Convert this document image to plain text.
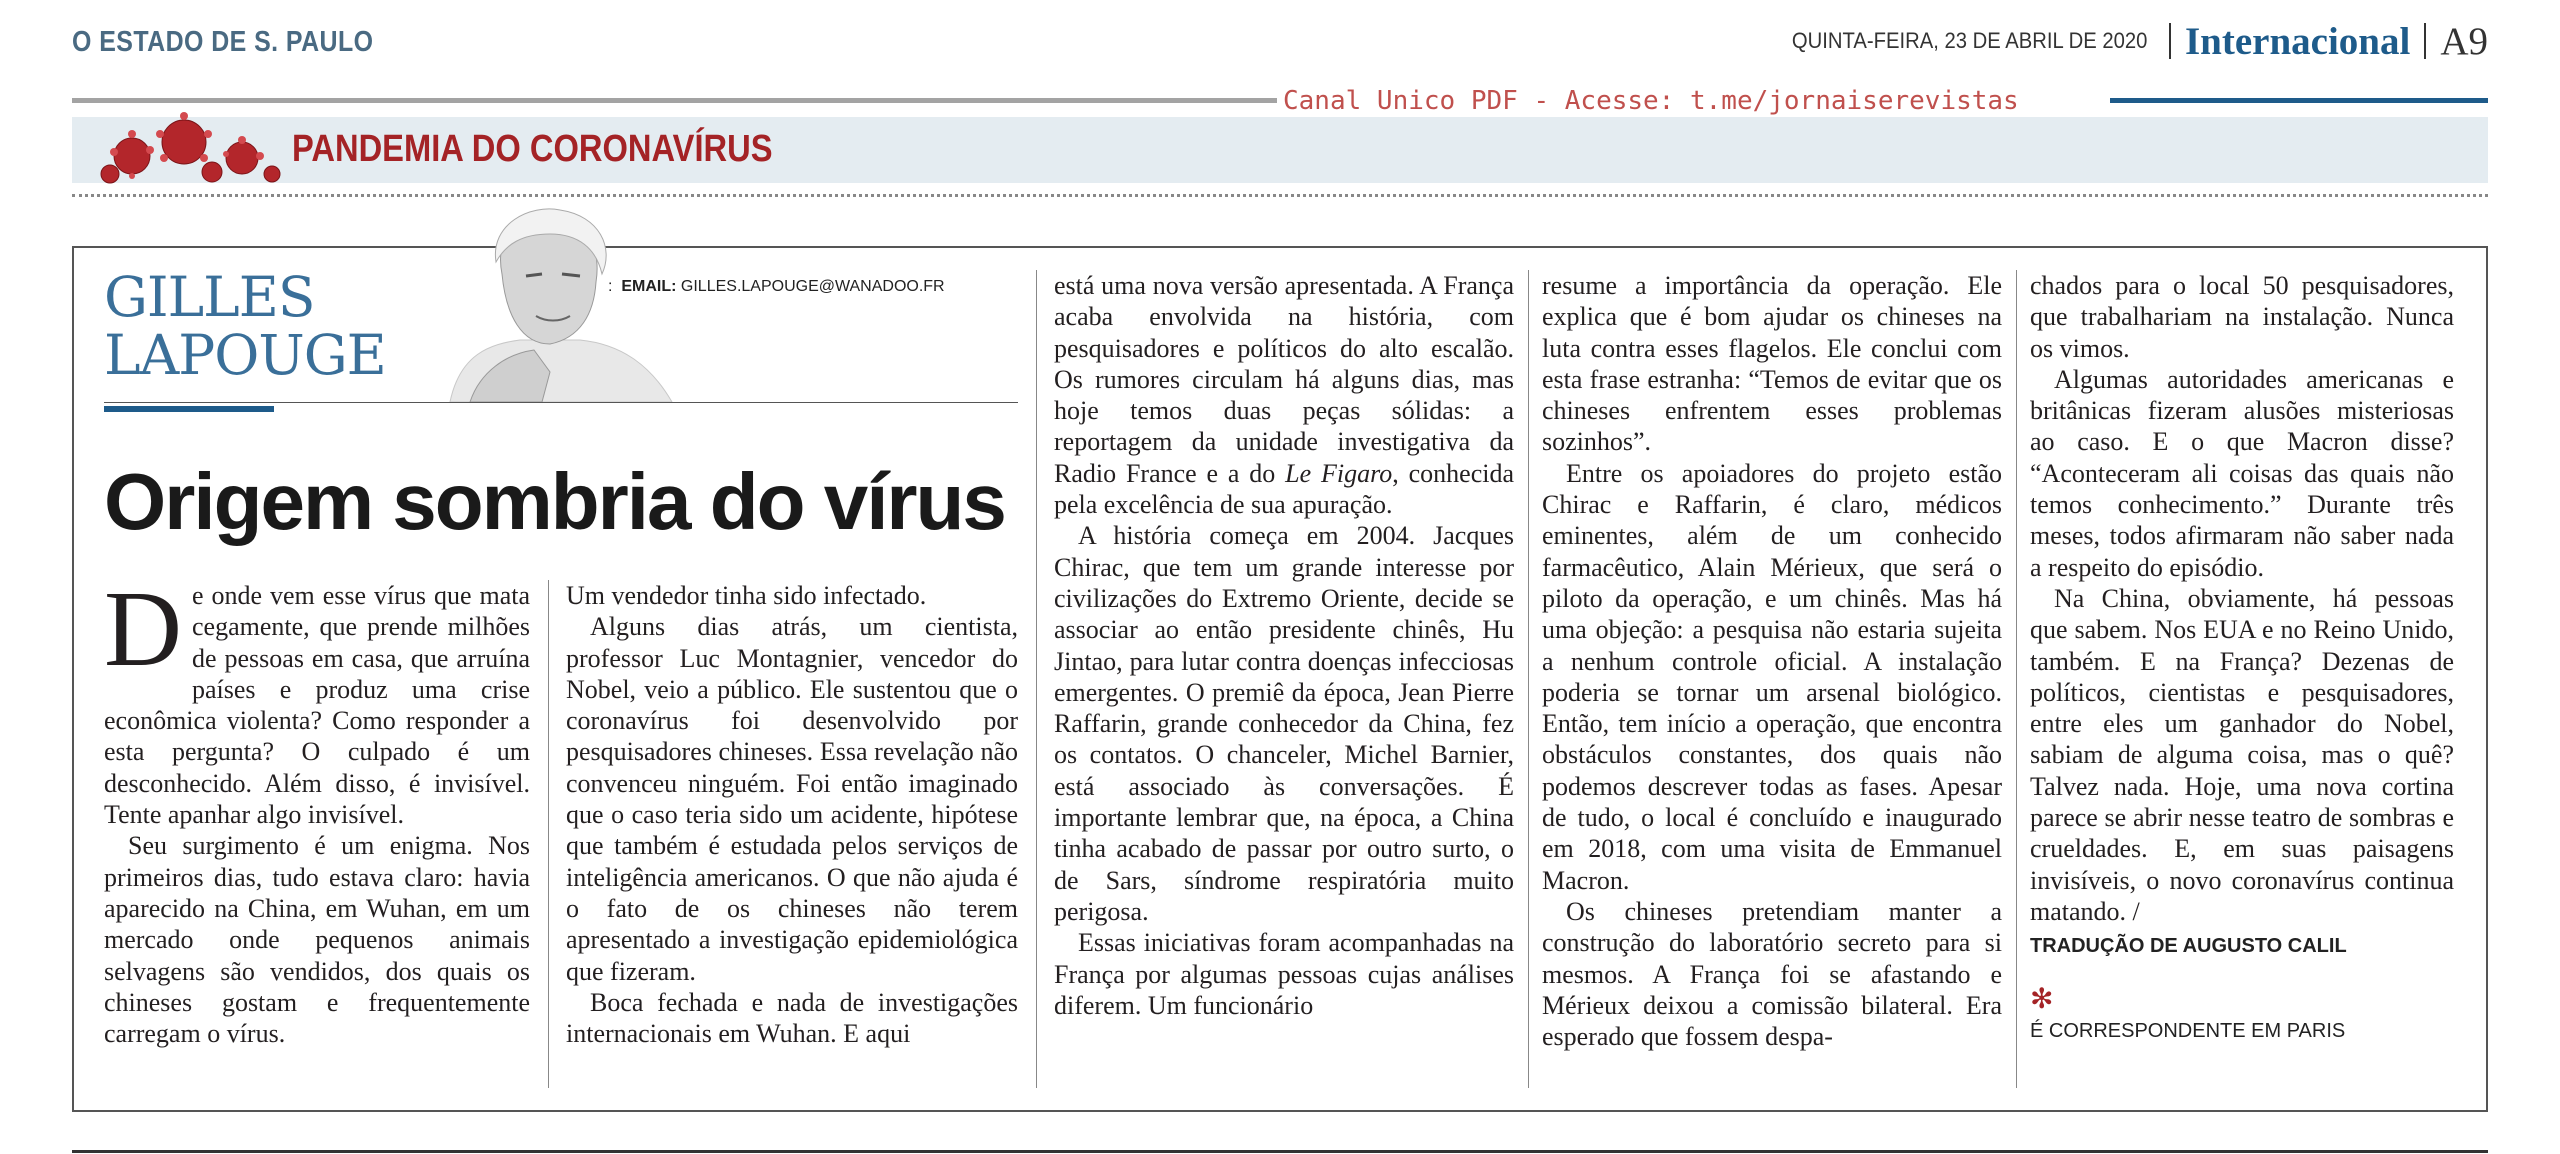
O ESTADO DE S. PAULO	QUINTA-FEIRA, 23 DE ABRIL DE 2020 Internacional A9
Canal Unico PDF - Acesse: t.me/jornaiserevistas
PANDEMIA DO CORONAVÍRUS
GILLES
LAPOUGE
:  EMAIL: GILLES.LAPOUGE@WANADOO.FR
Origem sombria do vírus

De onde vem esse vírus que mata cegamente, que prende milhões de pessoas em casa, que arruína países e produz uma crise econômica violenta? Como responder a esta pergunta? O culpado é um desconhecido. Além disso, é invisível. Tente apanhar algo invisível.

Seu surgimento é um enigma. Nos primeiros dias, tudo estava claro: havia aparecido na China, em Wuhan, em um mercado onde pequenos animais selvagens são vendidos, dos quais os chineses gostam e frequentemente carregam o vírus.

Um vendedor tinha sido infectado.

Alguns dias atrás, um cientista, professor Luc Montagnier, vencedor do Nobel, veio a público. Ele sustentou que o coronavírus foi desenvolvido por pesquisadores chineses. Essa revelação não convenceu ninguém. Foi então imaginado que o caso teria sido um acidente, hipótese que também é estudada pelos serviços de inteligência americanos. O que não ajuda é o fato de os chineses não terem apresentado a investigação epidemiológica que fizeram.

Boca fechada e nada de investigações internacionais em Wuhan. E aqui

está uma nova versão apresentada. A França acaba envolvida na história, com pesquisadores e políticos do alto escalão. Os rumores circulam há alguns dias, mas hoje temos duas peças sólidas: a reportagem da unidade investigativa da Radio France e a do Le Figaro, conhecida pela excelência de sua apuração.

A história começa em 2004. Jacques Chirac, que tem um grande interesse por civilizações do Extremo Oriente, decide se associar ao então presidente chinês, Hu Jintao, para lutar contra doenças infecciosas emergentes. O premiê da época, Jean Pierre Raffarin, grande conhecedor da China, fez os contatos. O chanceler, Michel Barnier, está associado às conversações. É importante lembrar que, na época, a China tinha acabado de passar por outro surto, o de Sars, síndrome respiratória muito perigosa.

Essas iniciativas foram acompanhadas na França por algumas pessoas cujas análises diferem. Um funcionário

resume a importância da operação. Ele explica que é bom ajudar os chineses na luta contra esses flagelos. Ele conclui com esta frase estranha: “Temos de evitar que os chineses enfrentem esses problemas sozinhos”.

Entre os apoiadores do projeto estão Chirac e Raffarin, é claro, médicos eminentes, além de um conhecido farmacêutico, Alain Mérieux, que será o piloto da operação, e um chinês. Mas há uma objeção: a pesquisa não estaria sujeita a nenhum controle oficial. A instalação poderia se tornar um arsenal biológico. Então, tem início a operação, que encontra obstáculos constantes, dos quais não podemos descrever todas as fases. Apesar de tudo, o local é concluído e inaugurado em 2018, com uma visita de Emmanuel Macron.

Os chineses pretendiam manter a construção do laboratório secreto para si mesmos. A França foi se afastando e Mérieux deixou a comissão bilateral. Era esperado que fossem despa-

chados para o local 50 pesquisadores, que trabalhariam na instalação. Nunca os vimos.

Algumas autoridades americanas e britânicas fizeram alusões misteriosas ao caso. E o que Macron disse? “Aconteceram ali coisas das quais não temos conhecimento.” Durante três meses, todos afirmaram não saber nada a respeito do episódio.

Na China, obviamente, há pessoas que sabem. Nos EUA e no Reino Unido, também. E na França? Dezenas de políticos, cientistas e pesquisadores, entre eles um ganhador do Nobel, sabiam de alguma coisa, mas o quê? Talvez nada. Hoje, uma nova cortina parece se abrir nesse teatro de sombras e crueldades. E, em suas paisagens invisíveis, o novo coronavírus continua matando. /

TRADUÇÃO DE AUGUSTO CALIL
✻
É CORRESPONDENTE EM PARIS
